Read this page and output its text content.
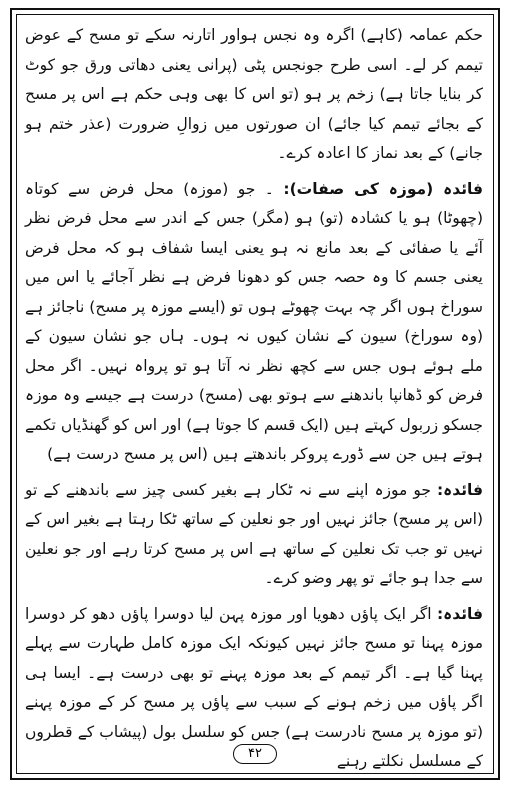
حکم عمامہ (کاہے) اگرہ وہ نجس ہواور اتارنہ سکے تو مسح کے عوض تیمم کر لے۔ اسی طرح جونجس پٹی (پرانی یعنی دھاتی ورق جو کوٹ کر بنایا جاتا ہے) زخم پر ہو (تو اس کا بھی وہی حکم ہے اس پر مسح کے بجائے تیمم کیا جائے) ان صورتوں میں زوالِ ضرورت (عذر ختم ہو جانے) کے بعد نماز کا اعادہ کرے۔

فائدہ (موزہ کی صفات): ۔ جو (موزہ) محل فرض سے کوتاہ (چھوٹا) ہو یا کشادہ (تو) ہو (مگر) جس کے اندر سے محل فرض نظر آئے یا صفائی کے بعد مانع نہ ہو یعنی ایسا شفاف ہو کہ محل فرض یعنی جسم کا وہ حصہ جس کو دھونا فرض ہے نظر آجائے یا اس میں سوراخ ہوں اگر چہ بہت چھوٹے ہوں تو (ایسے موزہ پر مسح) ناجائز ہے (وہ سوراخ) سیون کے نشان کیوں نہ ہوں۔ ہاں جو نشان سیون کے ملے ہوئے ہوں جس سے کچھ نظر نہ آتا ہو تو پرواہ نہیں۔ اگر محل فرض کو ڈھانپا باندھنے سے ہوتو بھی (مسح) درست ہے جیسے وہ موزہ جسکو زربول کہتے ہیں (ایک قسم کا جوتا ہے) اور اس کو گھنڈیاں تکمے ہوتے ہیں جن سے ڈورے پروکر باندھتے ہیں (اس پر مسح درست ہے)

فائدہ: جو موزہ اپنے سے نہ ٹکار ہے بغیر کسی چیز سے باندھنے کے تو (اس پر مسح) جائز نہیں اور جو نعلین کے ساتھ ٹکا رہتا ہے بغیر اس کے نہیں تو جب تک نعلین کے ساتھ ہے اس پر مسح کرتا رہے اور جو نعلین سے جدا ہو جائے تو پھر وضو کرے۔

فائدہ: اگر ایک پاؤں دھویا اور موزہ پہن لیا دوسرا پاؤں دھو کر دوسرا موزہ پہنا تو مسح جائز نہیں کیونکہ ایک موزہ کامل طہارت سے پہلے پہنا گیا ہے۔ اگر تیمم کے بعد موزہ پہنے تو بھی درست ہے۔ ایسا ہی اگر پاؤں میں زخم ہونے کے سبب سے پاؤں پر مسح کر کے موزہ پہنے (تو موزہ پر مسح نادرست ہے) جس کو سلسل بول (پیشاب کے قطروں کے مسلسل نکلتے رہنے

۴۲
